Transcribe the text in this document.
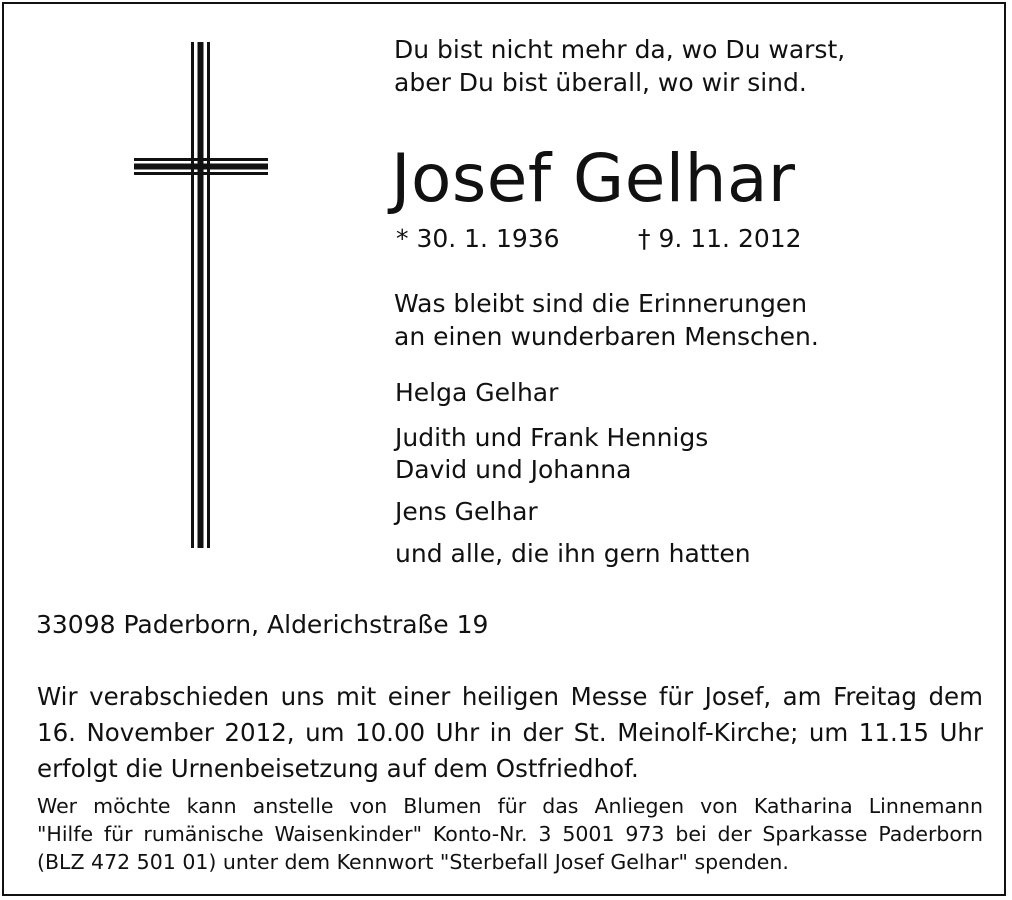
Du bist nicht mehr da, wo Du warst,
aber Du bist überall, wo wir sind.
Josef Gelhar
* 30. 1. 1936	† 9. 11. 2012
Was bleibt sind die Erinnerungen
an einen wunderbaren Menschen.
Helga Gelhar
Judith und Frank Hennigs
David und Johanna
Jens Gelhar
und alle, die ihn gern hatten
33098 Paderborn, Alderichstraße 19
Wir verabschieden uns mit einer heiligen Messe für Josef, am Freitag dem
16. November 2012, um 10.00 Uhr in der St. Meinolf-Kirche; um 11.15 Uhr
erfolgt die Urnenbeisetzung auf dem Ostfriedhof.
Wer möchte kann anstelle von Blumen für das Anliegen von Katharina Linnemann
"Hilfe für rumänische Waisenkinder" Konto-Nr. 3 5001 973 bei der Sparkasse Paderborn
(BLZ 472 501 01) unter dem Kennwort "Sterbefall Josef Gelhar" spenden.
